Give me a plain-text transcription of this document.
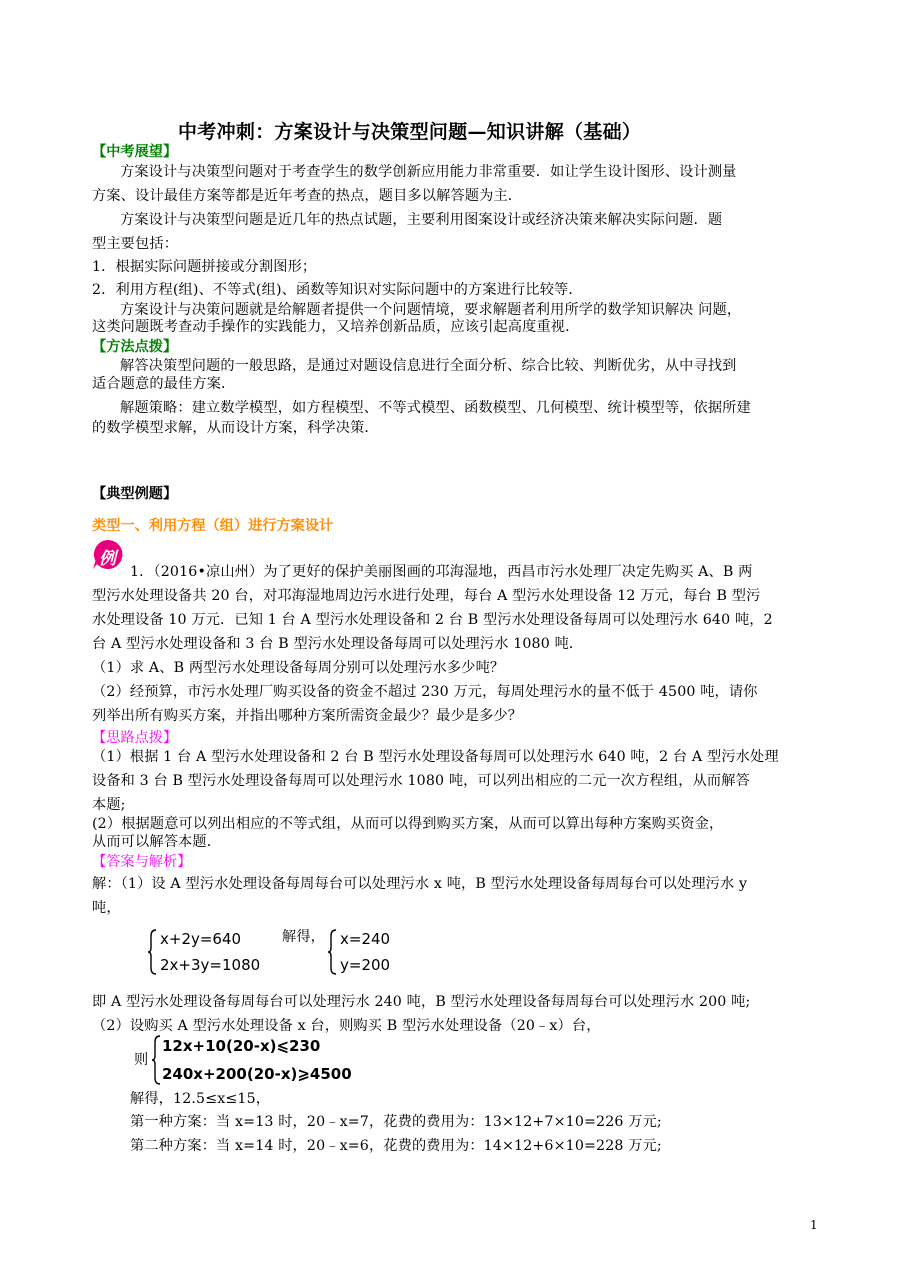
中考冲刺：方案设计与决策型问题—知识讲解（基础）
【中考展望】
方案设计与决策型问题对于考查学生的数学创新应用能力非常重要．如让学生设计图形、设计测量
方案、设计最佳方案等都是近年考查的热点，题目多以解答题为主．
方案设计与决策型问题是近几年的热点试题，主要利用图案设计或经济决策来解决实际问题．题
型主要包括：
1．根据实际问题拼接或分割图形；
2．利用方程(组)、不等式(组)、函数等知识对实际问题中的方案进行比较等．
方案设计与决策问题就是给解题者提供一个问题情境，要求解题者利用所学的数学知识解决 问题，
这类问题既考查动手操作的实践能力，又培养创新品质，应该引起高度重视．
【方法点拨】
解答决策型问题的一般思路，是通过对题设信息进行全面分析、综合比较、判断优劣，从中寻找到
适合题意的最佳方案．
解题策略：建立数学模型，如方程模型、不等式模型、函数模型、几何模型、统计模型等，依据所建
的数学模型求解，从而设计方案，科学决策．
【典型例题】
类型一、利用方程（组）进行方案设计
例
1．（2016•凉山州）为了更好的保护美丽图画的邛海湿地，西昌市污水处理厂决定先购买 A、B 两
型污水处理设备共 20 台，对邛海湿地周边污水进行处理，每台 A 型污水处理设备 12 万元，每台 B 型污
水处理设备 10 万元．已知 1 台 A 型污水处理设备和 2 台 B 型污水处理设备每周可以处理污水 640 吨，2
台 A 型污水处理设备和 3 台 B 型污水处理设备每周可以处理污水 1080 吨．
（1）求 A、B 两型污水处理设备每周分别可以处理污水多少吨？
（2）经预算，市污水处理厂购买设备的资金不超过 230 万元，每周处理污水的量不低于 4500 吨，请你
列举出所有购买方案，并指出哪种方案所需资金最少？最少是多少？
【思路点拨】
（1）根据 1 台 A 型污水处理设备和 2 台 B 型污水处理设备每周可以处理污水 640 吨，2 台 A 型污水处理
设备和 3 台 B 型污水处理设备每周可以处理污水 1080 吨，可以列出相应的二元一次方程组，从而解答
本题;
(2）根据题意可以列出相应的不等式组，从而可以得到购买方案，从而可以算出每种方案购买资金，
从而可以解答本题．
【答案与解析】
解：（1）设 A 型污水处理设备每周每台可以处理污水 x 吨，B 型污水处理设备每周每台可以处理污水 y
吨，
x+2y=640
2x+3y=1080
解得， x=240
y=200
即 A 型污水处理设备每周每台可以处理污水 240 吨，B 型污水处理设备每周每台可以处理污水 200 吨;
（2）设购买 A 型污水处理设备 x 台，则购买 B 型污水处理设备（20﹣x）台，
则
12x+10(20-x)⩽230
240x+200(20-x)⩾4500
解得，12.5≤x≤15，
第一种方案：当 x=13 时，20﹣x=7，花费的费用为：13×12+7×10=226 万元;
第二种方案：当 x=14 时，20﹣x=6，花费的费用为：14×12+6×10=228 万元;
1
